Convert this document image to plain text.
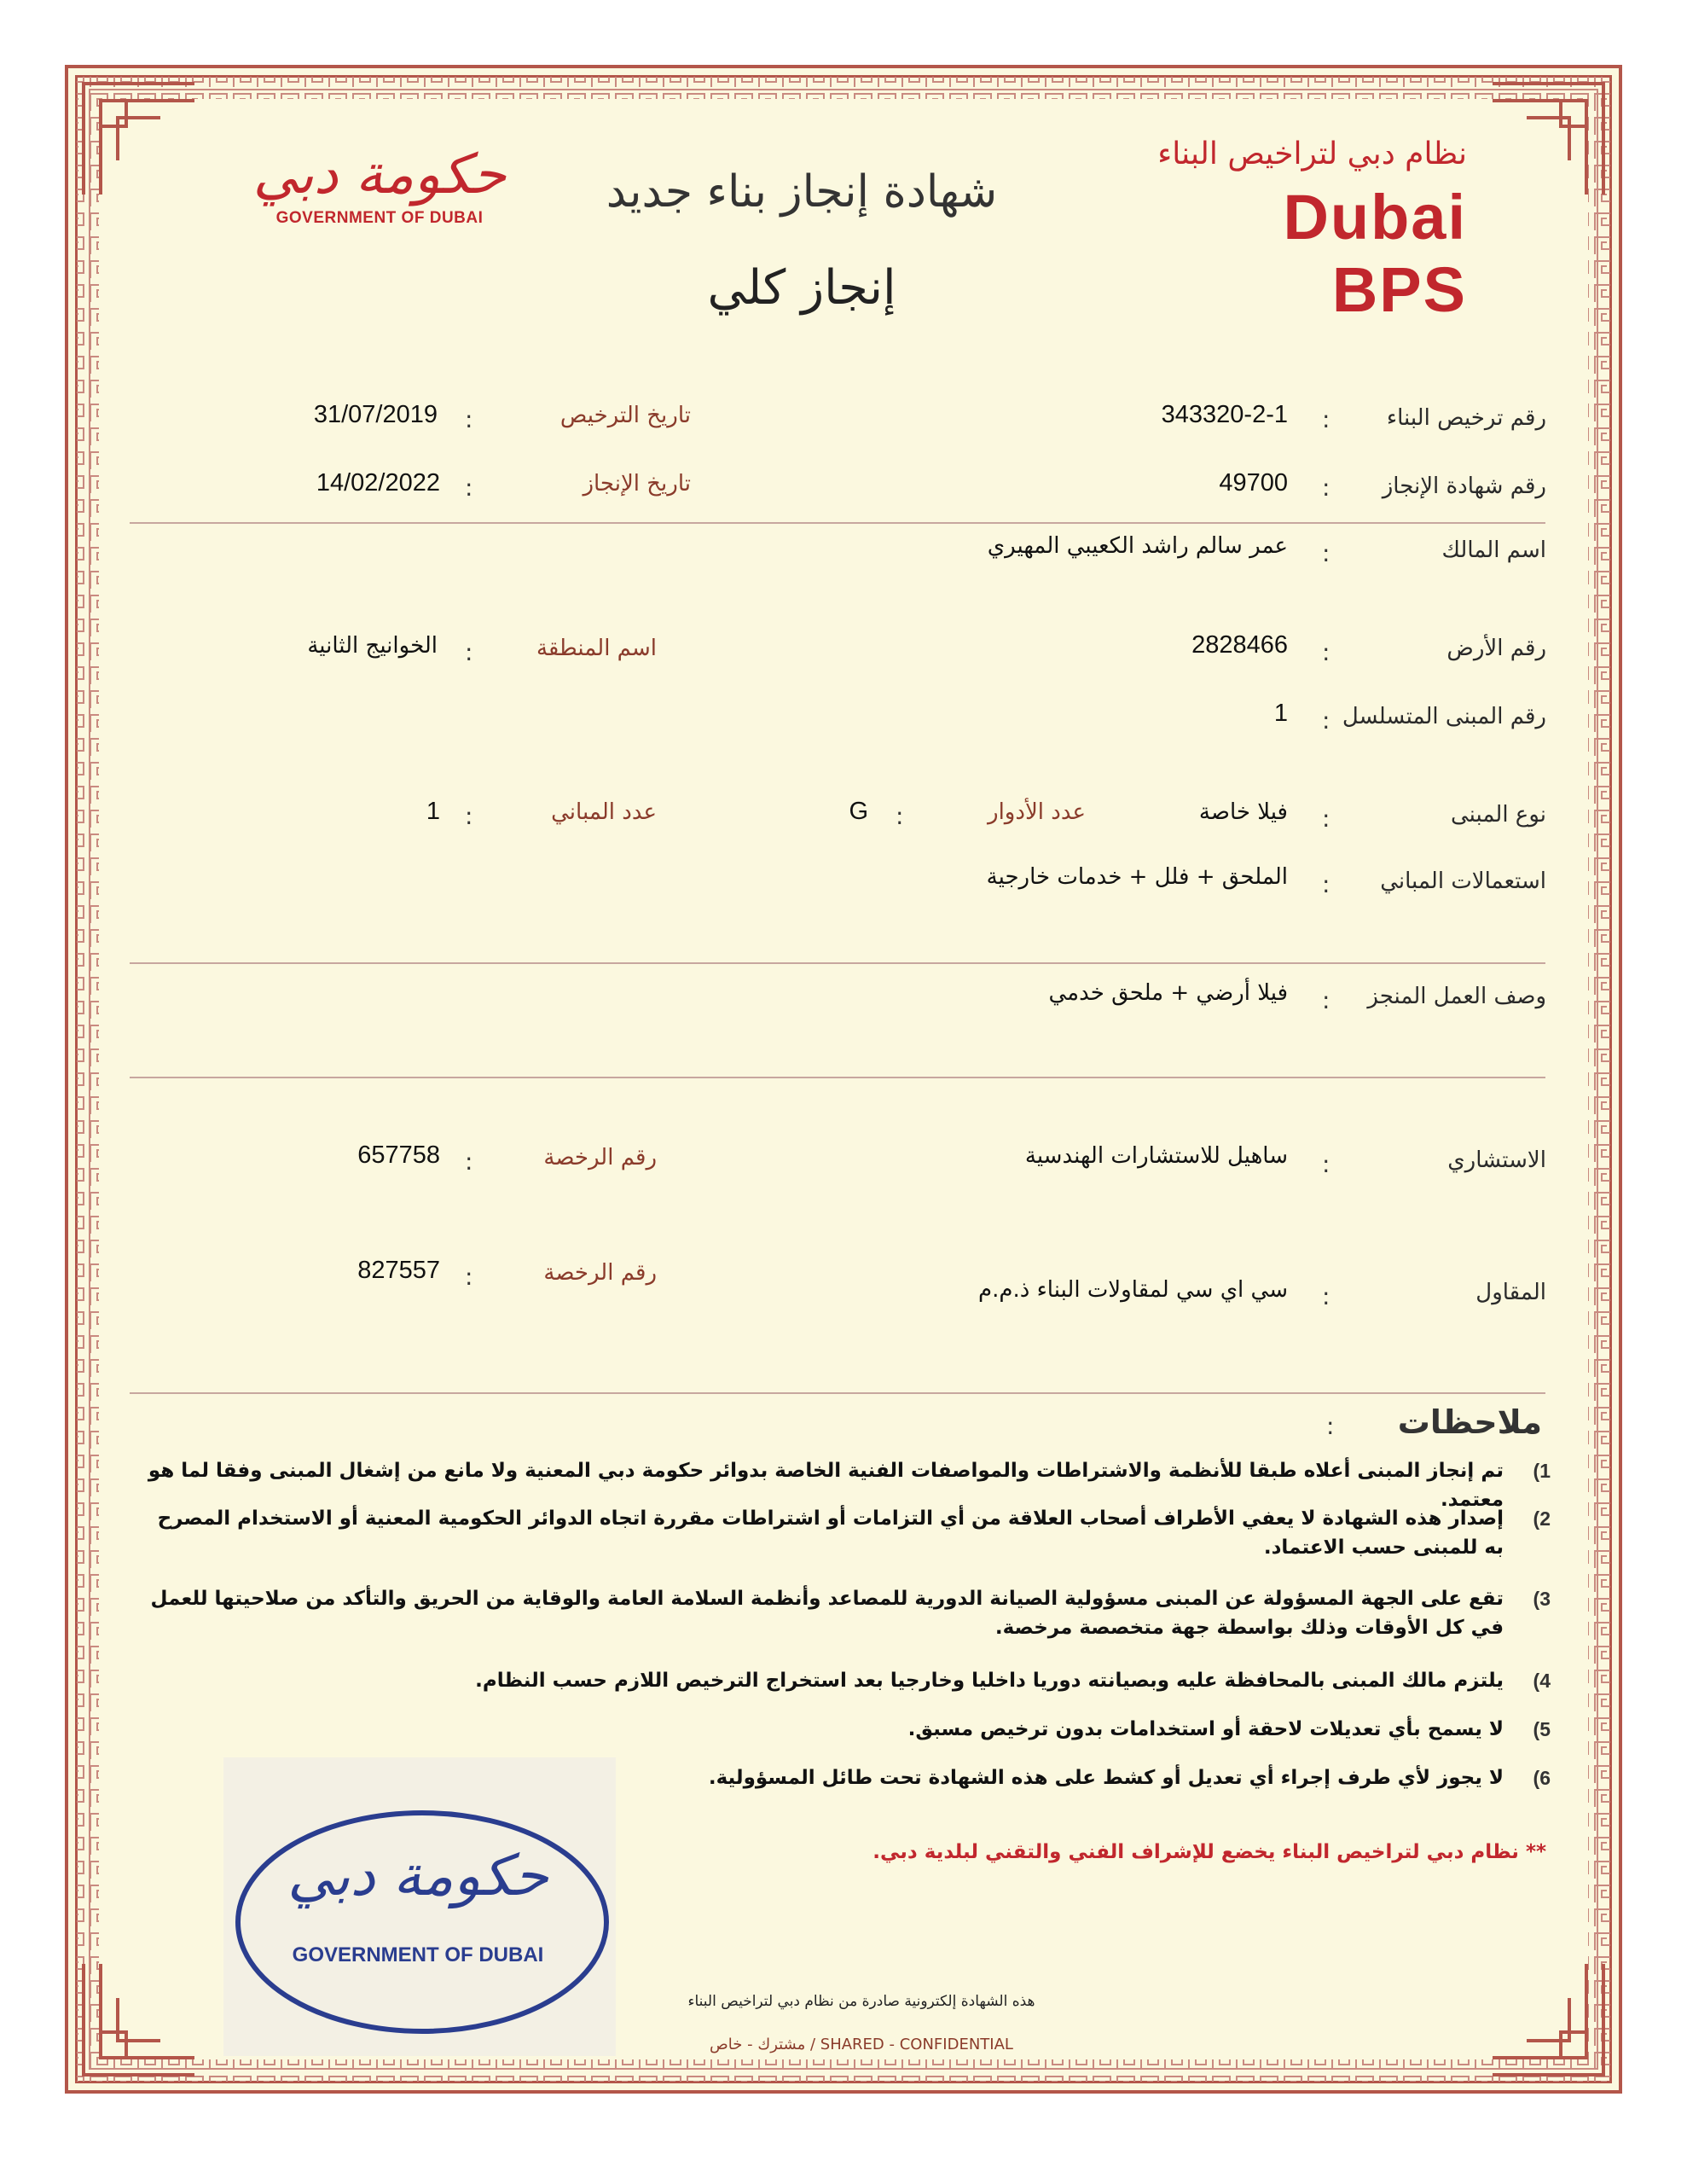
حكومة دبي
GOVERNMENT OF DUBAI
شهادة إنجاز بناء جديد
إنجاز كلي
نظام دبي لتراخيص البناء
Dubai BPS
رقم ترخيص البناء
:
343320-2-1
تاريخ الترخيص
:
31/07/2019
رقم شهادة الإنجاز
:
49700
تاريخ الإنجاز
:
14/02/2022
اسم المالك
:
عمر سالم راشد الكعيبي المهيري
رقم الأرض
:
2828466
اسم المنطقة
:
الخوانيج الثانية
رقم المبنى المتسلسل
:
1
نوع المبنى
:
فيلا خاصة
عدد الأدوار
:
G
عدد المباني
:
1
استعمالات المباني
:
الملحق + فلل + خدمات خارجية
وصف العمل المنجز
:
فيلا أرضي + ملحق خدمي
الاستشاري
:
ساهيل للاستشارات الهندسية
رقم الرخصة
:
657758
المقاول
:
سي اي سي لمقاولات البناء ذ.م.م
رقم الرخصة
:
827557
ملاحظات
:
1)
تم إنجاز المبنى أعلاه طبقا للأنظمة والاشتراطات والمواصفات الفنية الخاصة بدوائر حكومة دبي المعنية ولا مانع من إشغال المبنى وفقا لما هو معتمد.
2)
إصدار هذه الشهادة لا يعفي الأطراف أصحاب العلاقة من أي التزامات أو اشتراطات مقررة اتجاه الدوائر الحكومية المعنية أو الاستخدام المصرح به للمبنى حسب الاعتماد.
3)
تقع على الجهة المسؤولة عن المبنى مسؤولية الصيانة الدورية للمصاعد وأنظمة السلامة العامة والوقاية من الحريق والتأكد من صلاحيتها للعمل في كل الأوقات وذلك بواسطة جهة متخصصة مرخصة.
4)
يلتزم مالك المبنى بالمحافظة عليه وبصيانته دوريا داخليا وخارجيا بعد استخراج الترخيص اللازم حسب النظام.
5)
لا يسمح بأي تعديلات لاحقة أو استخدامات بدون ترخيص مسبق.
6)
لا يجوز لأي طرف إجراء أي تعديل أو كشط على هذه الشهادة تحت طائل المسؤولية.
** نظام دبي لتراخيص البناء يخضع للإشراف الفني والتقني لبلدية دبي.
حكومة دبي
GOVERNMENT OF DUBAI
هذه الشهادة إلكترونية صادرة من نظام دبي لتراخيص البناء
مشترك - خاص / SHARED - CONFIDENTIAL
